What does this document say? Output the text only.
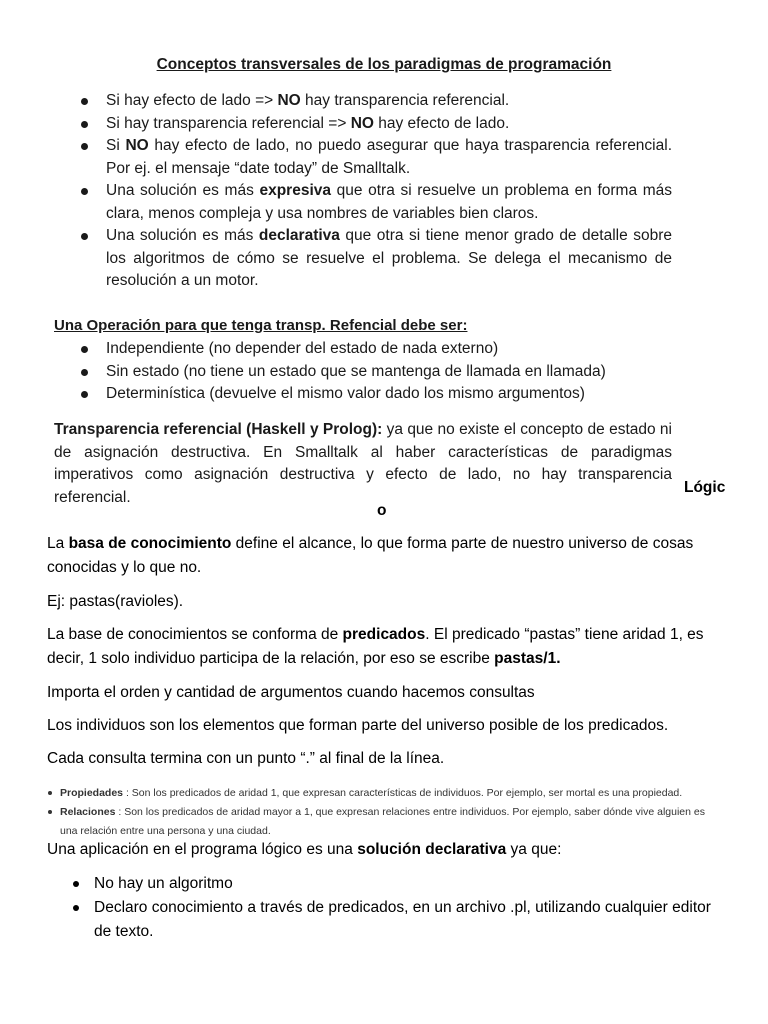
Conceptos transversales de los paradigmas de programación
Si hay efecto de lado => NO hay transparencia referencial.
Si hay transparencia referencial => NO hay efecto de lado.
Si NO hay efecto de lado, no puedo asegurar que haya trasparencia referencial. Por ej. el mensaje “date today” de Smalltalk.
Una solución es más expresiva que otra si resuelve un problema en forma más clara, menos compleja y usa nombres de variables bien claros.
Una solución es más declarativa que otra si tiene menor grado de detalle sobre los algoritmos de cómo se resuelve el problema. Se delega el mecanismo de resolución a un motor.
Una Operación para que tenga transp. Refencial debe ser:
Independiente (no depender del estado de nada externo)
Sin estado (no tiene un estado que se mantenga de llamada en llamada)
Determinística (devuelve el mismo valor dado los mismo argumentos)
Transparencia referencial (Haskell y Prolog): ya que no existe el concepto de estado ni de asignación destructiva. En Smalltalk al haber características de paradigmas imperativos como asignación destructiva y efecto de lado, no hay transparencia referencial.
Lógic
o
La basa de conocimiento define el alcance, lo que forma parte de nuestro universo de cosas conocidas y lo que no.
Ej: pastas(ravioles).
La base de conocimientos se conforma de predicados. El predicado “pastas” tiene aridad 1, es decir, 1 solo individuo participa de la relación, por eso se escribe pastas/1.
Importa el orden y cantidad de argumentos cuando hacemos consultas
Los individuos son los elementos que forman parte del universo posible de los predicados.
Cada consulta termina con un punto “.” al final de la línea.
Propiedades : Son los predicados de aridad 1, que expresan características de individuos. Por ejemplo, ser mortal es una propiedad.
Relaciones : Son los predicados de aridad mayor a 1, que expresan relaciones entre individuos. Por ejemplo, saber dónde vive alguien es una relación entre una persona y una ciudad.
Una aplicación en el programa lógico es una solución declarativa ya que:
No hay un algoritmo
Declaro conocimiento a través de predicados, en un archivo .pl, utilizando cualquier editor de texto.
